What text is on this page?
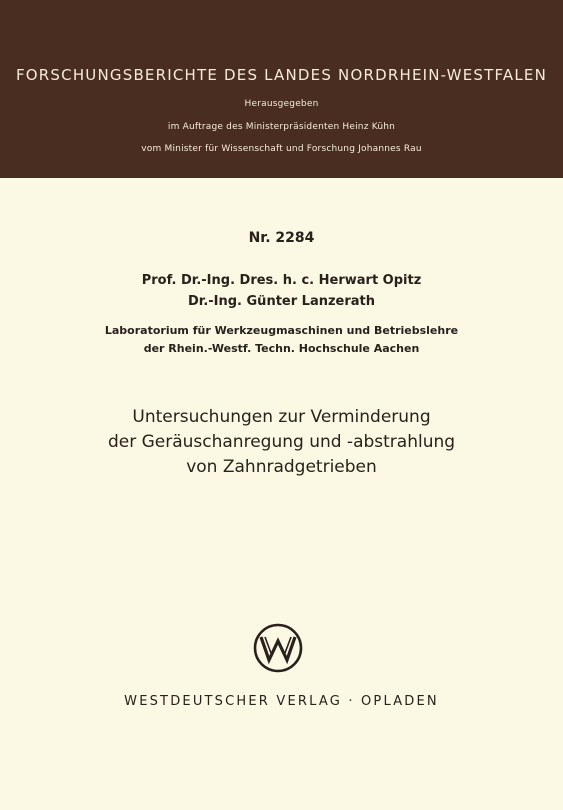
FORSCHUNGSBERICHTE DES LANDES NORDRHEIN-WESTFALEN
Herausgegeben
im Auftrage des Ministerpräsidenten Heinz Kühn
vom Minister für Wissenschaft und Forschung Johannes Rau
Nr. 2284
Prof. Dr.-Ing. Dres. h. c. Herwart Opitz
Dr.-Ing. Günter Lanzerath
Laboratorium für Werkzeugmaschinen und Betriebslehre
der Rhein.-Westf. Techn. Hochschule Aachen
Untersuchungen zur Verminderung
der Geräuschanregung und -abstrahlung
von Zahnradgetrieben
WESTDEUTSCHER VERLAG · OPLADEN
